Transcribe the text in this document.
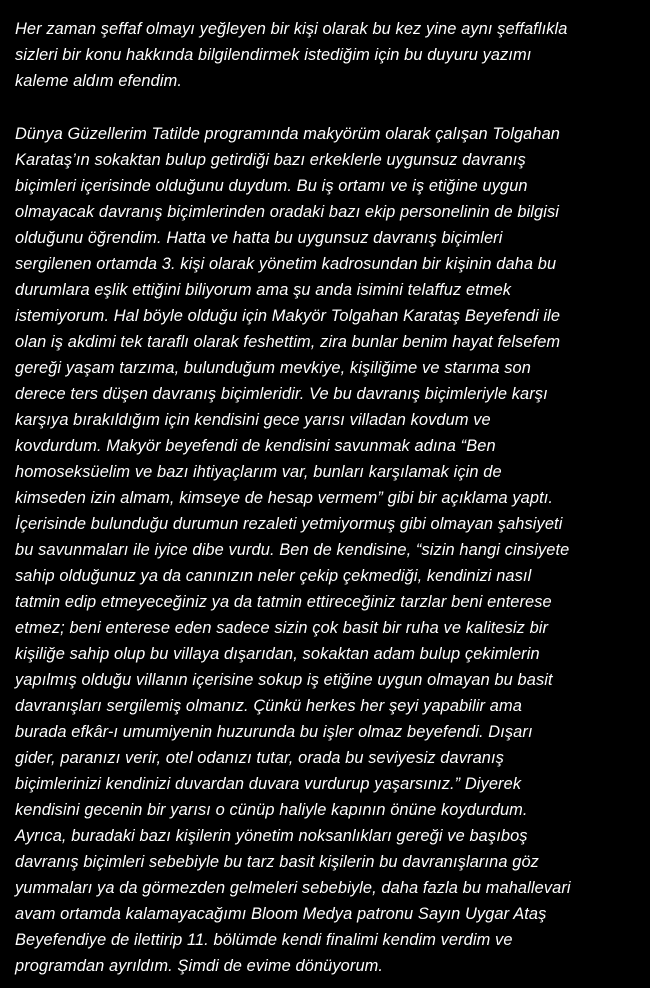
Her zaman şeffaf olmayı yeğleyen bir kişi olarak bu kez yine aynı şeffaflıkla
sizleri bir konu hakkında bilgilendirmek istediğim için bu duyuru yazımı
kaleme aldım efendim.
Dünya Güzellerim Tatilde programında makyörüm olarak çalışan Tolgahan
Karataş’ın sokaktan bulup getirdiği bazı erkeklerle uygunsuz davranış
biçimleri içerisinde olduğunu duydum. Bu iş ortamı ve iş etiğine uygun
olmayacak davranış biçimlerinden oradaki bazı ekip personelinin de bilgisi
olduğunu öğrendim. Hatta ve hatta bu uygunsuz davranış biçimleri
sergilenen ortamda 3. kişi olarak yönetim kadrosundan bir kişinin daha bu
durumlara eşlik ettiğini biliyorum ama şu anda isimini telaffuz etmek
istemiyorum. Hal böyle olduğu için Makyör Tolgahan Karataş Beyefendi ile
olan iş akdimi tek taraflı olarak feshettim, zira bunlar benim hayat felsefem
gereği yaşam tarzıma, bulunduğum mevkiye, kişiliğime ve starıma son
derece ters düşen davranış biçimleridir. Ve bu davranış biçimleriyle karşı
karşıya bırakıldığım için kendisini gece yarısı villadan kovdum ve
kovdurdum. Makyör beyefendi de kendisini savunmak adına “Ben
homoseksüelim ve bazı ihtiyaçlarım var, bunları karşılamak için de
kimseden izin almam, kimseye de hesap vermem” gibi bir açıklama yaptı.
İçerisinde bulunduğu durumun rezaleti yetmiyormuş gibi olmayan şahsiyeti
bu savunmaları ile iyice dibe vurdu. Ben de kendisine, “sizin hangi cinsiyete
sahip olduğunuz ya da canınızın neler çekip çekmediği, kendinizi nasıl
tatmin edip etmeyeceğiniz ya da tatmin ettireceğiniz tarzlar beni enterese
etmez; beni enterese eden sadece sizin çok basit bir ruha ve kalitesiz bir
kişiliğe sahip olup bu villaya dışarıdan, sokaktan adam bulup çekimlerin
yapılmış olduğu villanın içerisine sokup iş etiğine uygun olmayan bu basit
davranışları sergilemiş olmanız. Çünkü herkes her şeyi yapabilir ama
burada efkâr-ı umumiyenin huzurunda bu işler olmaz beyefendi. Dışarı
gider, paranızı verir, otel odanızı tutar, orada bu seviyesiz davranış
biçimlerinizi kendinizi duvardan duvara vurdurup yaşarsınız.” Diyerek
kendisini gecenin bir yarısı o cünüp haliyle kapının önüne koydurdum.
Ayrıca, buradaki bazı kişilerin yönetim noksanlıkları gereği ve başıboş
davranış biçimleri sebebiyle bu tarz basit kişilerin bu davranışlarına göz
yummaları ya da görmezden gelmeleri sebebiyle, daha fazla bu mahallevari
avam ortamda kalamayacağımı Bloom Medya patronu Sayın Uygar Ataş
Beyefendiye de ilettirip 11. bölümde kendi finalimi kendim verdim ve
programdan ayrıldım. Şimdi de evime dönüyorum.
